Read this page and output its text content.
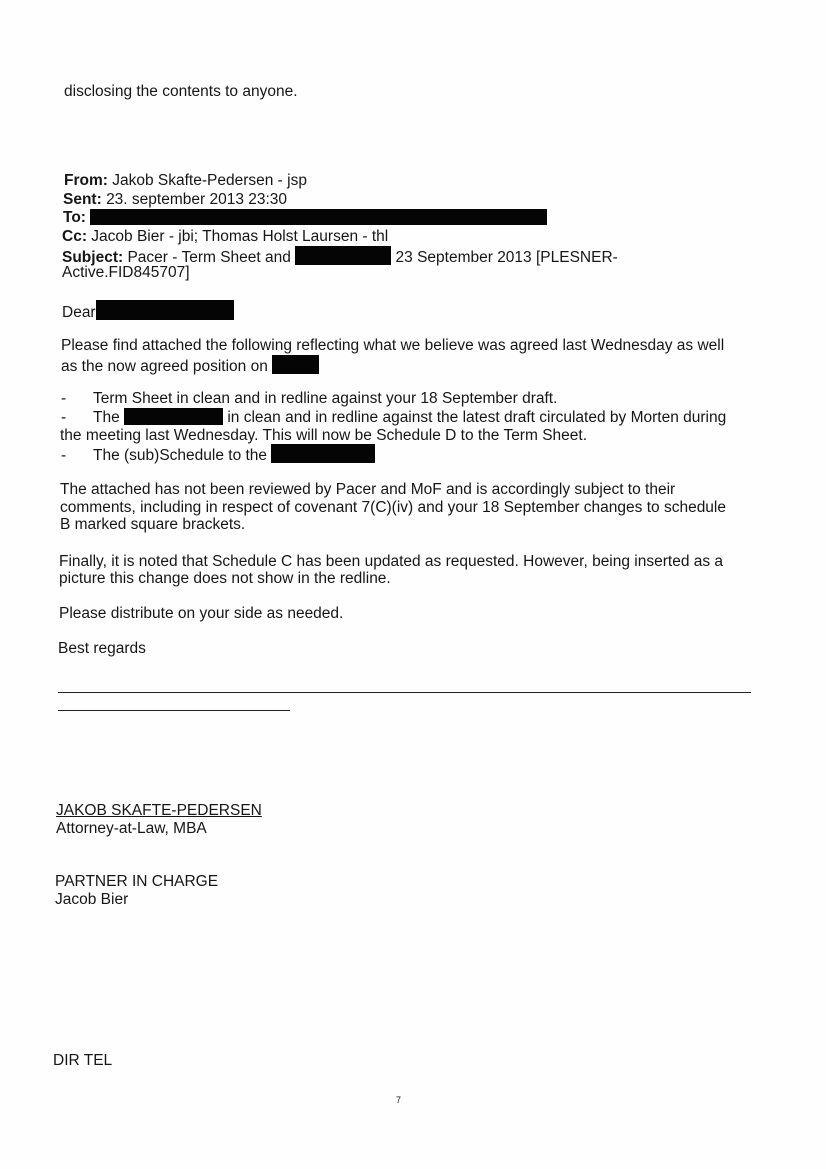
disclosing the contents to anyone.
From: Jakob Skafte-Pedersen - jsp
Sent: 23. september 2013 23:30
To:
Cc: Jacob Bier - jbi; Thomas Holst Laursen - thl
Subject: Pacer - Term Sheet and	23 September 2013 [PLESNER-
Active.FID845707]
Dear
Please find attached the following reflecting what we believe was agreed last Wednesday as well
as the now agreed position on
- Term Sheet in clean and in redline against your 18 September draft.
- The	in clean and in redline against the latest draft circulated by Morten during
the meeting last Wednesday. This will now be Schedule D to the Term Sheet.
- The (sub)Schedule to the
The attached has not been reviewed by Pacer and MoF and is accordingly subject to their
comments, including in respect of covenant 7(C)(iv) and your 18 September changes to schedule
B marked square brackets.
Finally, it is noted that Schedule C has been updated as requested. However, being inserted as a
picture this change does not show in the redline.
Please distribute on your side as needed.
Best regards
JAKOB SKAFTE-PEDERSEN
Attorney-at-Law, MBA
PARTNER IN CHARGE
Jacob Bier
DIR TEL
7
